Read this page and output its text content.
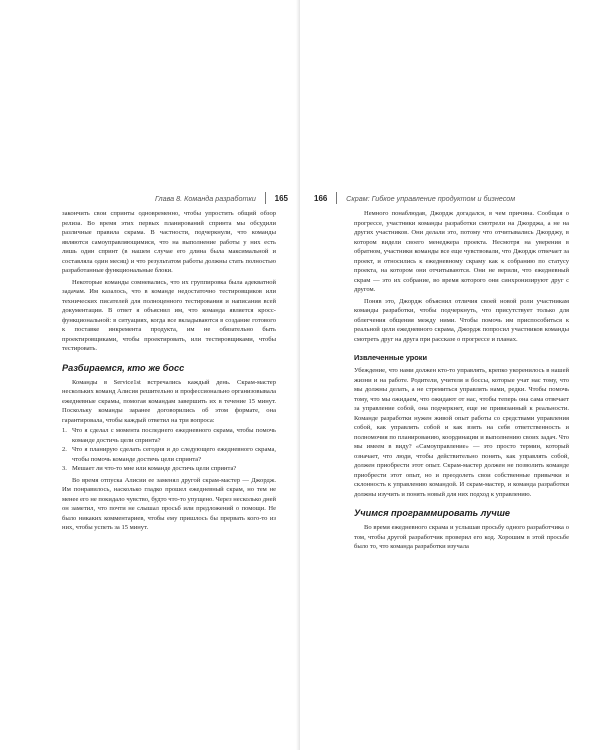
Глава 8. Команда разработки 165

закончить свои спринты одновременно, чтобы упростить общий обзор релиза. Во время этих первых планирований спринта мы обсудили различные правила скрама. В частности, подчеркнули, что команды являются самоуправляющимися, что на выполнение работы у них есть лишь один спринт (в нашем случае его длина была максимальной и составляла один месяц) и что результатом работы должны стать полностью разработанные функциональные блоки.

Некоторые команды сомневались, что их группировка была адекватной задачам. Им казалось, что в команде недостаточно тестировщиков или технических писателей для полноценного тестирования и написания всей документации. В ответ я объяснил им, что команда является кросс-функциональной: в ситуациях, когда все вкладываются в создание готового к поставке инкремента продукта, им не обязательно быть проектировщиками, чтобы проектировать, или тестировщиками, чтобы тестировать.

Разбираемся, кто же босс

Команды в Service1st встречались каждый день. Скрам-мастер нескольких команд Алисия решительно и профессионально организовывала ежедневные скрамы, помогая командам завершить их в течение 15 минут. Поскольку команды заранее договорились об этом формате, она гарантировала, чтобы каждый ответил на три вопроса:

1. Что я сделал с момента последнего ежедневного скрама, чтобы помочь команде достичь цели спринта?
2. Что я планирую сделать сегодня и до следующего ежедневного скрама, чтобы помочь команде достичь цели спринта?
3. Мешает ли что-то мне или команде достичь цели спринта?

Во время отпуска Алисии ее заменял другой скрам-мастер — Джордж. Им понравилось, насколько гладко прошел ежедневный скрам, но тем не менее его не покидало чувство, будто что-то упущено. Через несколько дней он заметил, что почти не слышал просьб или предложений о помощи. Не было никаких комментариев, чтобы ему пришлось бы прервать кого-то из них, чтобы успеть за 15 минут.

166	Скрам: Гибкое управление продуктом и бизнесом

Немного понаблюдав, Джордж догадался, в чем причина. Сообщая о прогрессе, участники команды разработки смотрели на Джорджа, а не на других участников. Они делали это, потому что отчитывались Джорджу, в котором видели своего менеджера проекта. Несмотря на уверения в обратном, участники команды все еще чувствовали, что Джордж отвечает за проект, и относились к ежедневному скраму как к собранию по статусу проекта, на котором они отчитываются. Они не верили, что ежедневный скрам — это их собрание, во время которого они синхронизируют друг с другом.

Поняв это, Джордж объяснил отличия своей новой роли участникам команды разработки, чтобы подчеркнуть, что присутствует только для облегчения общения между ними. Чтобы помочь им приспособиться к реальной цели ежедневного скрама, Джордж попросил участников команды смотреть друг на друга при рассказе о прогрессе и планах.

Извлеченные уроки

Убеждение, что нами должен кто-то управлять, крепко укоренилось в нашей жизни и на работе. Родители, учителя и боссы, которые учат нас тому, что мы должны делать, а не стремиться управлять нами, редки. Чтобы помочь тому, что мы ожидаем, что ожидают от нас, чтобы теперь она сама отвечает за управление собой, она подчеркнет, еще не привязанный к реальности. Команде разработки нужен живой опыт работы со средствами управления собой, как управлять собой и как взять на себя ответственность и полномочия по планированию, координации и выполнению своих задач. Что мы имеем в виду? «Самоуправление» — это просто термин, который означает, что люди, чтобы действительно понять, как управлять собой, должен приобрести этот опыт. Скрам-мастер должен не позволить команде приобрести этот опыт, но и преодолеть свои собственные привычки и склонность к управлению командой. И скрам-мастер, и команда разработки должны изучить и понять новый для них подход к управлению.

Учимся программировать лучше

Во время ежедневного скрама и услышав просьбу одного разработчика о том, чтобы другой разработчик проверил его код. Хорошим в этой просьбе было то, что команда разработки изучала
